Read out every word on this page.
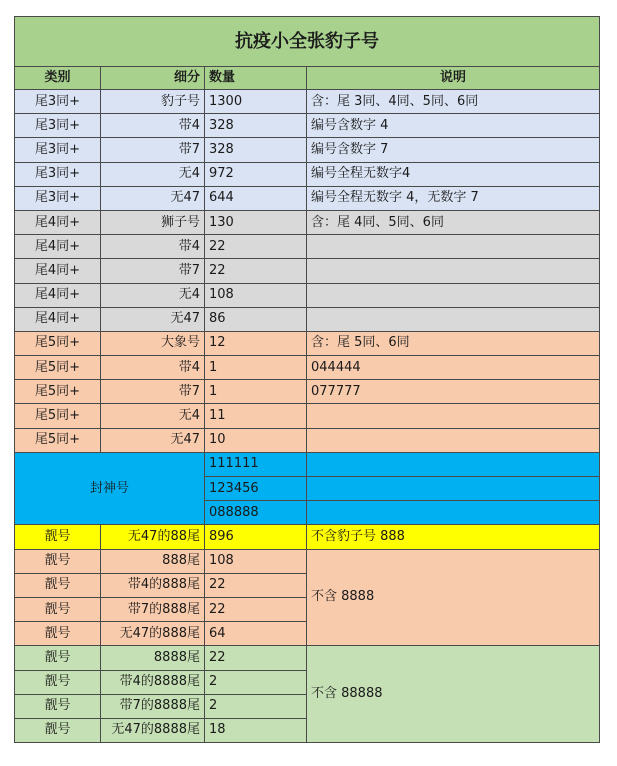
抗疫小全张豹子号			
类别	细分	数量	说明
尾3同+	豹子号	1300	含：尾 3同、4同、5同、6同
尾3同+	带4	328	编号含数字 4
尾3同+	带7	328	编号含数字 7
尾3同+	无4	972	编号全程无数字4
尾3同+	无47	644	编号全程无数字 4，无数字 7
尾4同+	狮子号	130	含：尾 4同、5同、6同
尾4同+	带4	22	
尾4同+	带7	22	
尾4同+	无4	108	
尾4同+	无47	86	
尾5同+	大象号	12	含：尾 5同、6同
尾5同+	带4	1	044444
尾5同+	带7	1	077777
尾5同+	无4	11	
尾5同+	无47	10	
封神号		111111	
		123456	
		088888	
靓号	无47的88尾	896	不含豹子号 888
靓号	888尾	108	不含 8888
靓号	带4的888尾	22	
靓号	带7的888尾	22	
靓号	无47的888尾	64	
靓号	8888尾	22	不含 88888
靓号	带4的8888尾	2	
靓号	带7的8888尾	2	
靓号	无47的8888尾	18	
